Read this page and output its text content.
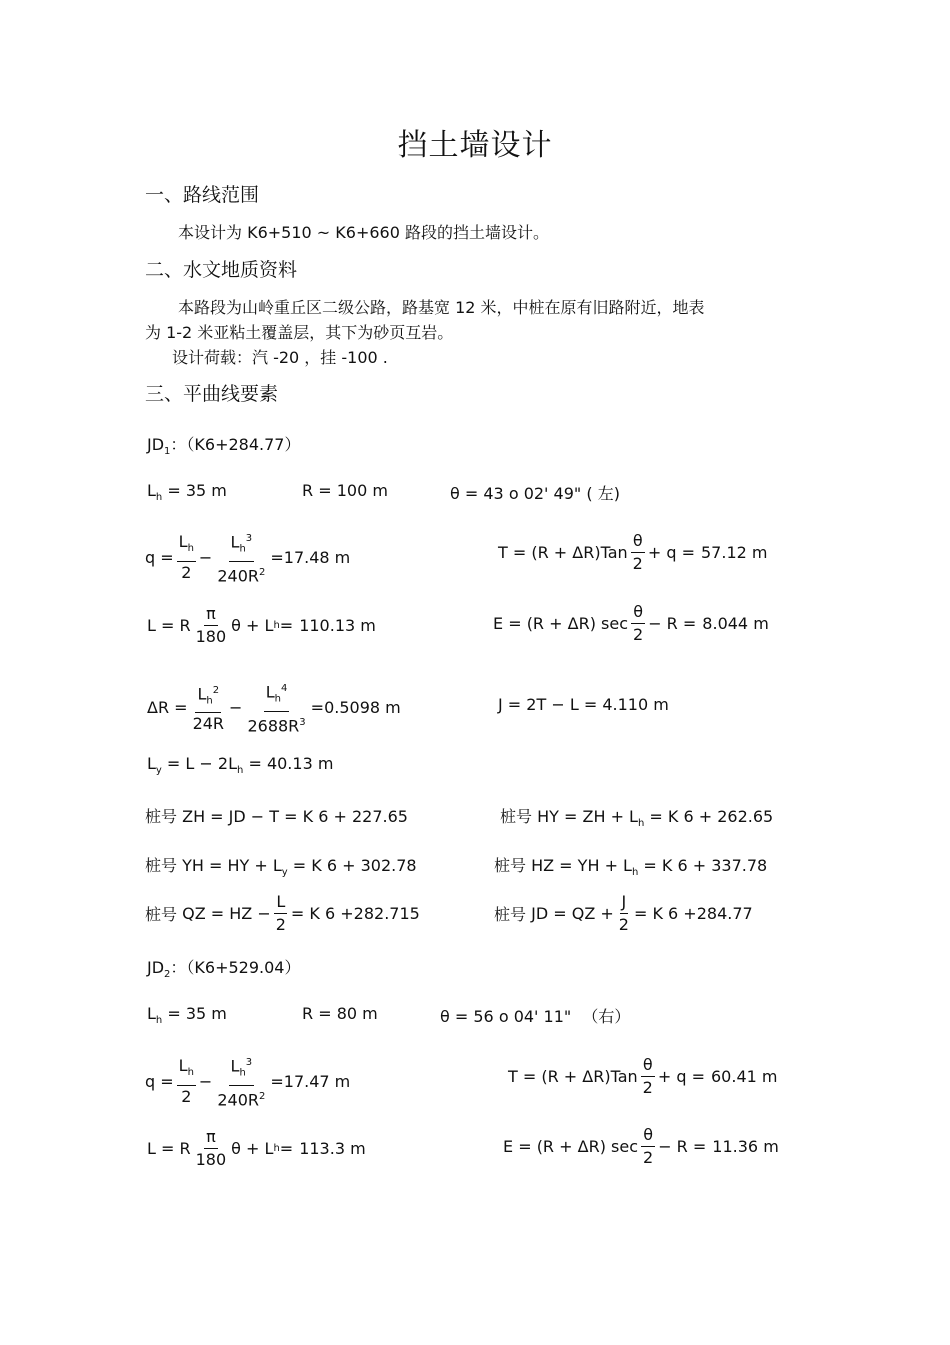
挡土墙设计
一、路线范围
本设计为 K6+510 ~ K6+660 路段的挡土墙设计。
二、水文地质资料
本路段为山岭重丘区二级公路，路基宽 12 米，中桩在原有旧路附近，地表
为 1-2 米亚粘土覆盖层，其下为砂页互岩。
设计荷载：汽 -20 ，挂 -100 .
三、平曲线要素
$JD_1$：（K6+284.77）
$L_h = 35$ m	R = 100 m	θ = 43 o 02' 49" ( 左)
$q = \frac{L_h}{2} - \frac{L_h^3}{240R^2} = 17.48$ m	$T = (R + \Delta R)Tan \frac{\theta}{2} + q = 57.12$ m
L = R $\frac{\pi}{180}$ θ + L h = 110.13 m	E = (R + ΔR) $\sec \frac{\theta}{2} - R = 8.044$ m
$\Delta R = \frac{L_h^2}{24R} - \frac{L_h^4}{2688R^3} = 0.5098$ m	J = 2T − L = 4.110 m
$L_y = L - 2L_h = 40.13$ m
桩号 ZH = JD − T = K 6 + 227.65	桩号 HY = ZH + $L_h = K$ 6 + 262.65
桩号 YH = HY + $L_y = K$ 6 + 302.78	桩号 HZ = YH + $L_h = K$ 6 + 337.78
桩号 QZ = HZ − $\frac{L}{2} = K$ 6 + 282.715	桩号 JD = QZ + $\frac{J}{2} = K$ 6 + 284.77
$JD_2$：（K6+529.04）
$L_h = 35$ m	R = 80 m	θ = 56 o 04' 11" （右）
$q = \frac{L_h}{2} - \frac{L_h^3}{240R^2} = 17.47$ m	$T = (R + \Delta R)Tan \frac{\theta}{2} + q = 60.41$ m
L = R $\frac{\pi}{180}$ θ + L h = 113.3 m	E = (R + ΔR) $\sec \frac{\theta}{2} - R = 11.36$ m
